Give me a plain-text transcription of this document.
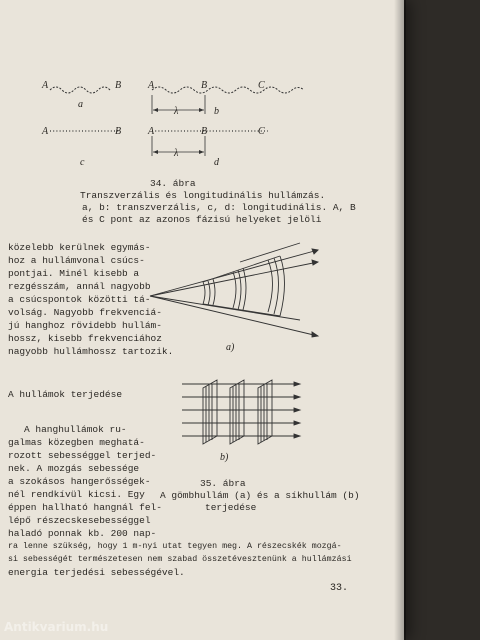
A	B
a
A	B	C
λ	b
A	B
c
A	B	C
λ
d
a)
b)
34. ábra
Transzverzális és longitudinális hullámzás.
a, b: transzverzális, c, d: longitudinális. A, B
és C pont az azonos fázisú helyeket jelöli
közelebb kerülnek egymás-
hoz a hullámvonal csúcs-
pontjai. Minél kisebb a
rezgésszám, annál nagyobb
a csúcspontok közötti tá-
volság. Nagyobb frekvenciá-
jú hanghoz rövidebb hullám-
hossz, kisebb frekvenciához
nagyobb hullámhossz tartozik.
A hullámok terjedése
A hanghullámok ru-
galmas közegben meghatá-
rozott sebességgel terjed-
nek. A mozgás sebessége
a szokásos hangerősségek-
nél rendkívül kicsi. Egy
éppen hallható hangnál fel-
lépő részecskesebességgel
haladó ponnak kb. 200 nap-
ra lenne szükség, hogy 1 m-nyi utat tegyen meg. A részecskék mozgá-
si sebességét természetesen nem szabad összetévesztenünk a hullámzási
energia terjedési sebességével.
35. ábra
A gömbhullám (a) és a síkhullám (b)
terjedése
33.
Antikvarium.hu
